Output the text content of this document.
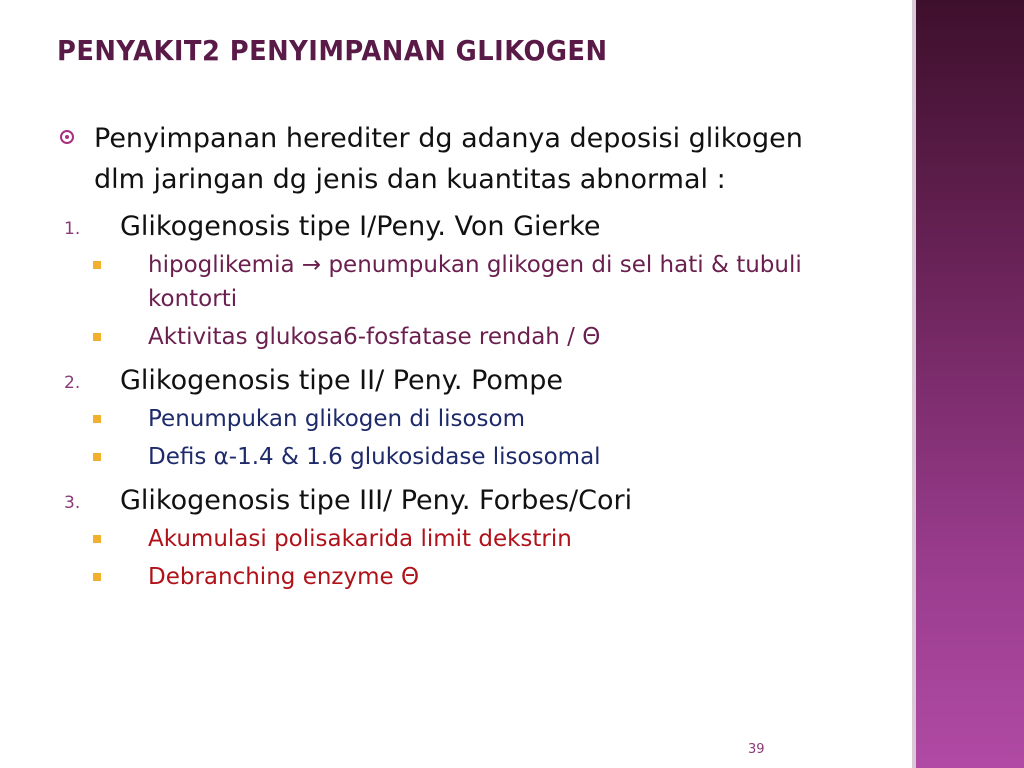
PENYAKIT2 PENYIMPANAN GLIKOGEN
Penyimpanan herediter dg adanya deposisi glikogen dlm jaringan dg jenis dan kuantitas abnormal :
1. Glikogenosis tipe I/Peny. Von Gierke
hipoglikemia → penumpukan glikogen di sel hati & tubuli kontorti
Aktivitas glukosa6-fosfatase rendah / Θ
2. Glikogenosis tipe II/ Peny. Pompe
Penumpukan glikogen di lisosom
Defis α-1.4 & 1.6 glukosidase lisosomal
3. Glikogenosis tipe III/ Peny. Forbes/Cori
Akumulasi polisakarida limit dekstrin
Debranching enzyme Θ
39
